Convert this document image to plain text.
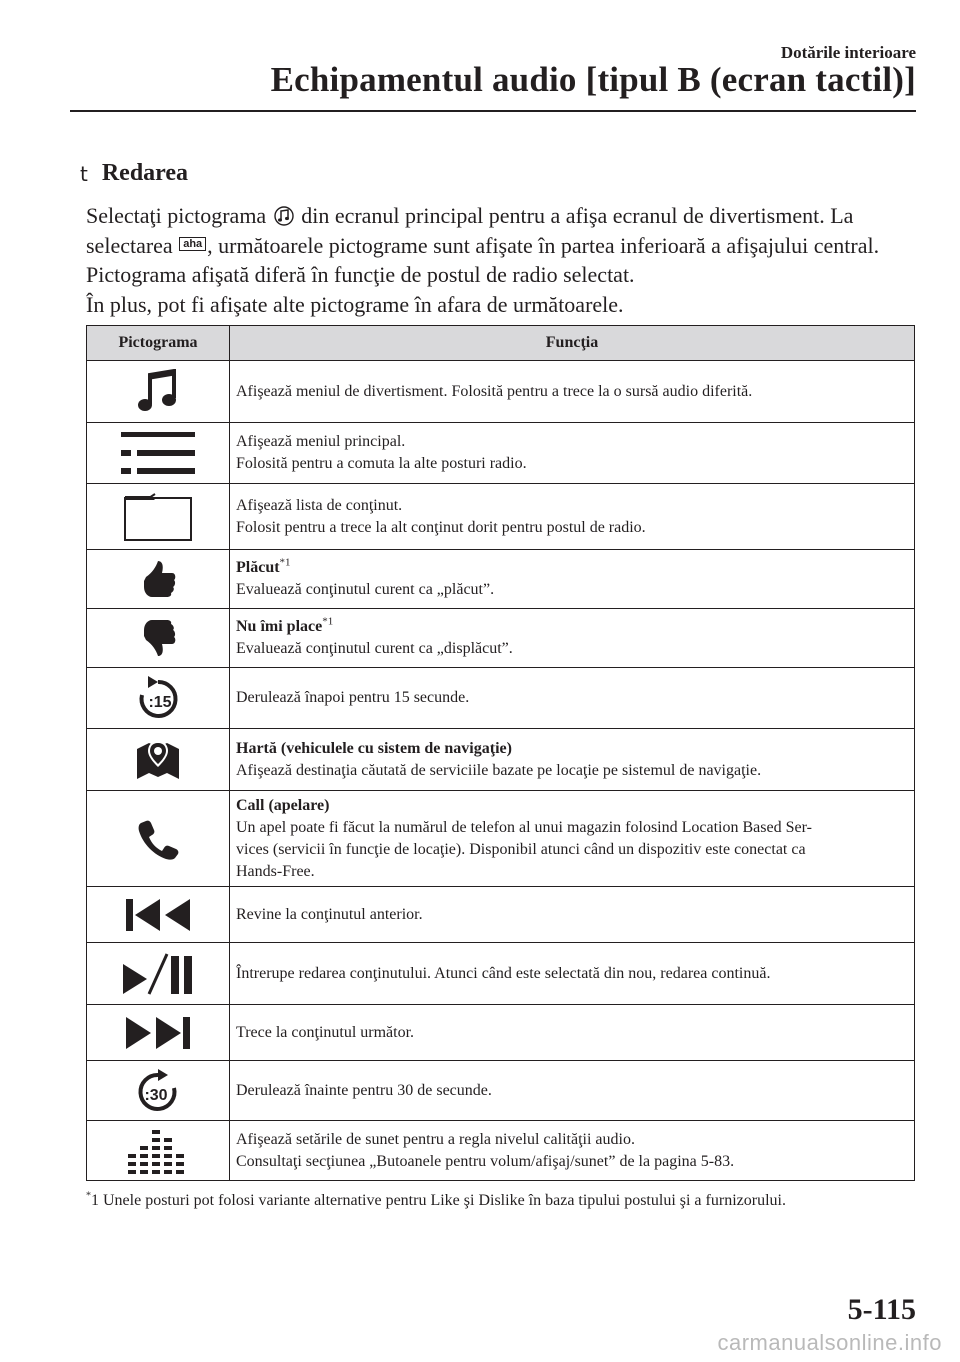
Dotările interioare
Echipamentul audio [tipul B (ecran tactil)]
t Redarea

Selectaţi pictograma  din ecranul principal pentru a afişa ecranul de divertisment. La

selectarea aha , următoarele pictograme sunt afişate în partea inferioară a afişajului central.

Pictograma afişată diferă în funcţie de postul de radio selectat.

În plus, pot fi afişate alte pictograme în afara de următoarele.

Pictograma	Funcţia

Afişează meniul de divertisment. Folosită pentru a trece la o sursă audio diferită.

Afişează meniul principal.
Folosită pentru a comuta la alte posturi radio.

Afişează lista de conţinut.
Folosit pentru a trece la alt conţinut dorit pentru postul de radio.

Plăcut$^{*1}$
Evaluează conţinutul curent ca „plăcut”.

Nu îmi place$^{*1}$
Evaluează conţinutul curent ca „displăcut”.

:15	Derulează înapoi pentru 15 secunde.

Hartă (vehiculele cu sistem de navigaţie)
Afişează destinaţia căutată de serviciile bazate pe locaţie pe sistemul de navigaţie.

Call (apelare)
Un apel poate fi făcut la numărul de telefon al unui magazin folosind Location Based Ser-
vices (servicii în funcţie de locaţie). Disponibil atunci când un dispozitiv este conectat ca
Hands-Free.

Revine la conţinutul anterior.

Întrerupe redarea conţinutului. Atunci când este selectată din nou, redarea continuă.

Trece la conţinutul următor.

:30	Derulează înainte pentru 30 de secunde.

Afişează setările de sunet pentru a regla nivelul calităţii audio.
Consultaţi secţiunea „Butoanele pentru volum/afişaj/sunet” de la pagina 5-83.
*1 Unele posturi pot folosi variante alternative pentru Like şi Dislike în baza tipului postului şi a furnizorului.
5-115
carmanualsonline.info
